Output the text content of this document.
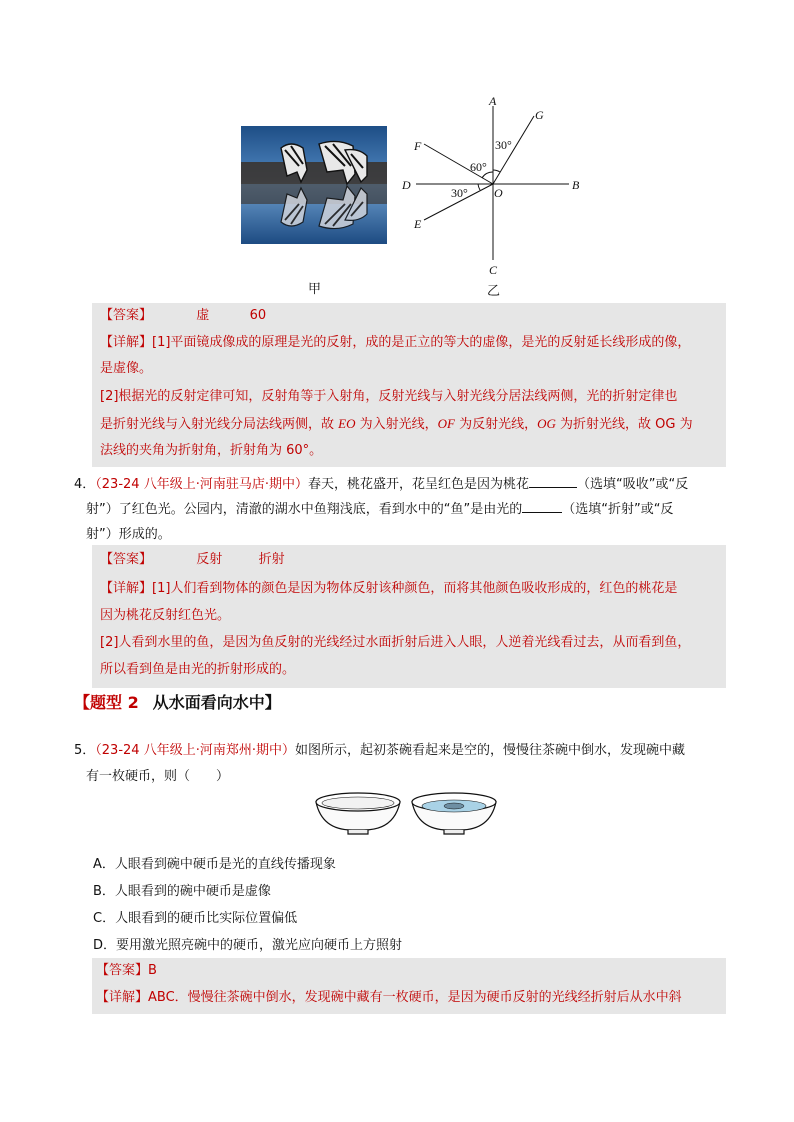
甲
A
G
F
D	B
O
E
C
30°
60°
30°
乙
【答案】	虚	60
【详解】[1]平面镜成像成的原理是光的反射，成的是正立的等大的虚像，是光的反射延长线形成的像，
是虚像。
[2]根据光的反射定律可知，反射角等于入射角，反射光线与入射光线分居法线两侧，光的折射定律也
是折射光线与入射光线分局法线两侧，故 EO 为入射光线，OF 为反射光线，OG 为折射光线，故 OG 为
法线的夹角为折射角，折射角为 60°。
4．（23-24 八年级上·河南驻马店·期中）春天，桃花盛开，花呈红色是因为桃花	（选填“吸收”或“反
射”）了红色光。公园内，清澈的湖水中鱼翔浅底，看到水中的“鱼”是由光的	（选填“折射”或“反
射”）形成的。
【答案】	反射	折射
【详解】[1]人们看到物体的颜色是因为物体反射该种颜色，而将其他颜色吸收形成的，红色的桃花是
因为桃花反射红色光。
[2]人看到水里的鱼，是因为鱼反射的光线经过水面折射后进入人眼，人逆着光线看过去，从而看到鱼，
所以看到鱼是由光的折射形成的。
【题型 2 从水面看向水中】
5．（23-24 八年级上·河南郑州·期中）如图所示，起初茶碗看起来是空的，慢慢往茶碗中倒水，发现碗中藏
有一枚硬币，则（　　）
A．人眼看到碗中硬币是光的直线传播现象
B．人眼看到的碗中硬币是虚像
C．人眼看到的硬币比实际位置偏低
D．要用激光照亮碗中的硬币，激光应向硬币上方照射
【答案】B
【详解】ABC．慢慢往茶碗中倒水，发现碗中藏有一枚硬币，是因为硬币反射的光线经折射后从水中斜
